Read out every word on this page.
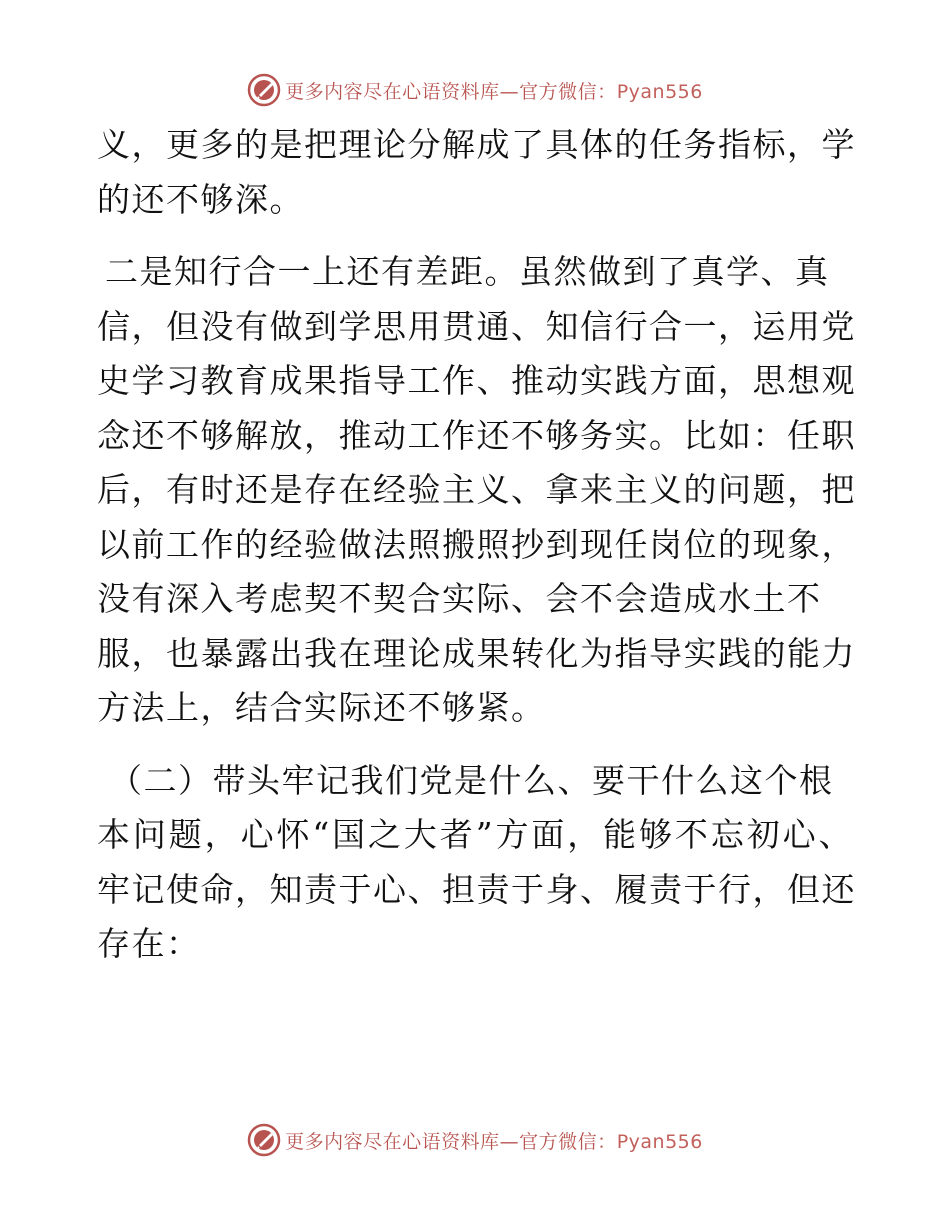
更多内容尽在心语资料库—官方微信：Pyan556

义，更多的是把理论分解成了具体的任务指标，学
的还不够深。

二是知行合一上还有差距。虽然做到了真学、真
信，但没有做到学思用贯通、知信行合一，运用党
史学习教育成果指导工作、推动实践方面，思想观
念还不够解放，推动工作还不够务实。比如：任职
后，有时还是存在经验主义、拿来主义的问题，把
以前工作的经验做法照搬照抄到现任岗位的现象，
没有深入考虑契不契合实际、会不会造成水土不
服，也暴露出我在理论成果转化为指导实践的能力
方法上，结合实际还不够紧。

（二）带头牢记我们党是什么、要干什么这个根
本问题，心怀“国之大者”方面，能够不忘初心、
牢记使命，知责于心、担责于身、履责于行，但还
存在：

更多内容尽在心语资料库—官方微信：Pyan556
